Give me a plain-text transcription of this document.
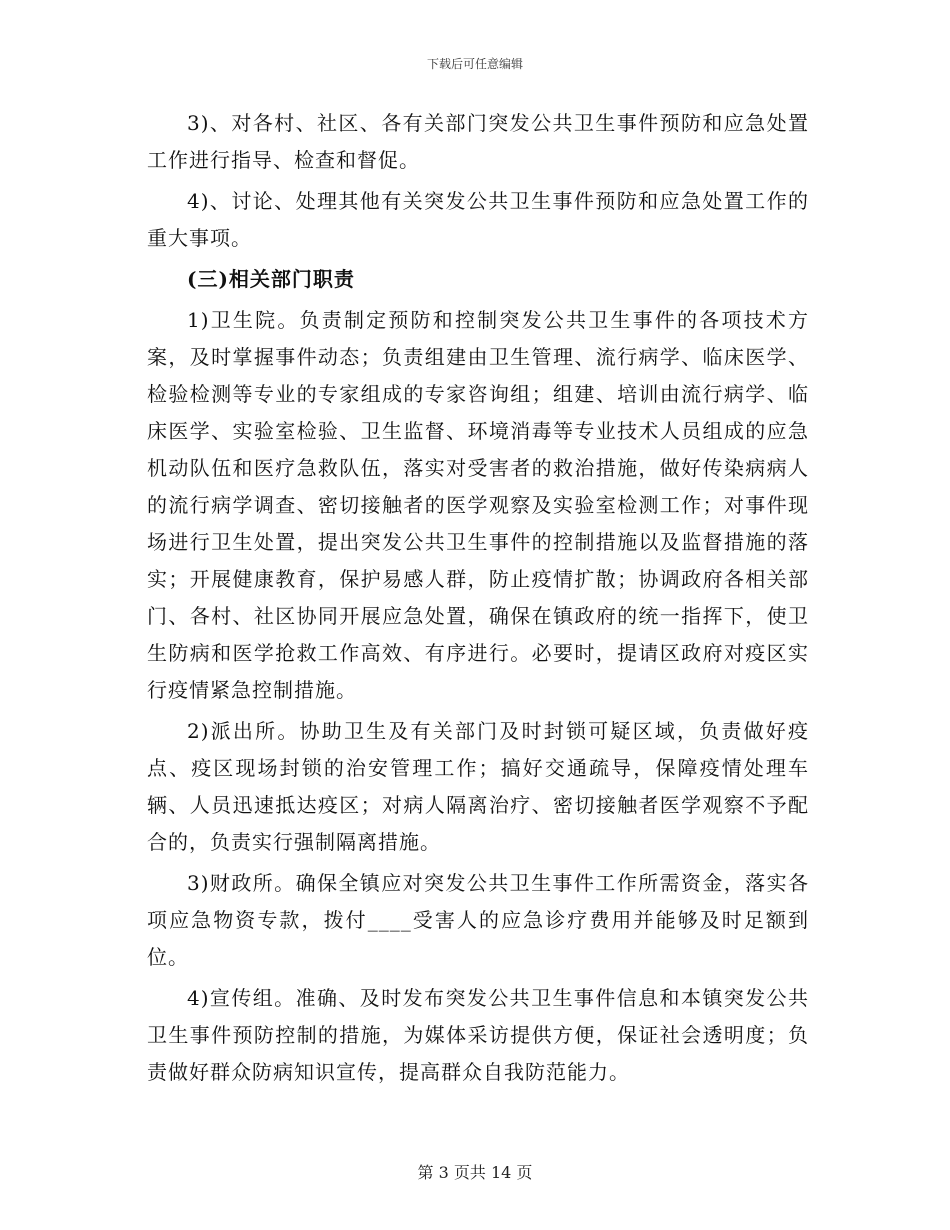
下载后可任意编辑

3)、对各村、社区、各有关部门突发公共卫生事件预防和应急处置工作进行指导、检查和督促。

4)、讨论、处理其他有关突发公共卫生事件预防和应急处置工作的重大事项。

(三)相关部门职责

1)卫生院。负责制定预防和控制突发公共卫生事件的各项技术方案，及时掌握事件动态；负责组建由卫生管理、流行病学、临床医学、检验检测等专业的专家组成的专家咨询组；组建、培训由流行病学、临床医学、实验室检验、卫生监督、环境消毒等专业技术人员组成的应急机动队伍和医疗急救队伍，落实对受害者的救治措施，做好传染病病人的流行病学调查、密切接触者的医学观察及实验室检测工作；对事件现场进行卫生处置，提出突发公共卫生事件的控制措施以及监督措施的落实；开展健康教育，保护易感人群，防止疫情扩散；协调政府各相关部门、各村、社区协同开展应急处置，确保在镇政府的统一指挥下，使卫生防病和医学抢救工作高效、有序进行。必要时，提请区政府对疫区实行疫情紧急控制措施。

2)派出所。协助卫生及有关部门及时封锁可疑区域，负责做好疫点、疫区现场封锁的治安管理工作；搞好交通疏导，保障疫情处理车辆、人员迅速抵达疫区；对病人隔离治疗、密切接触者医学观察不予配合的，负责实行强制隔离措施。

3)财政所。确保全镇应对突发公共卫生事件工作所需资金，落实各项应急物资专款，拨付____受害人的应急诊疗费用并能够及时足额到位。

4)宣传组。准确、及时发布突发公共卫生事件信息和本镇突发公共卫生事件预防控制的措施，为媒体采访提供方便，保证社会透明度；负责做好群众防病知识宣传，提高群众自我防范能力。

第 3 页共 14 页
